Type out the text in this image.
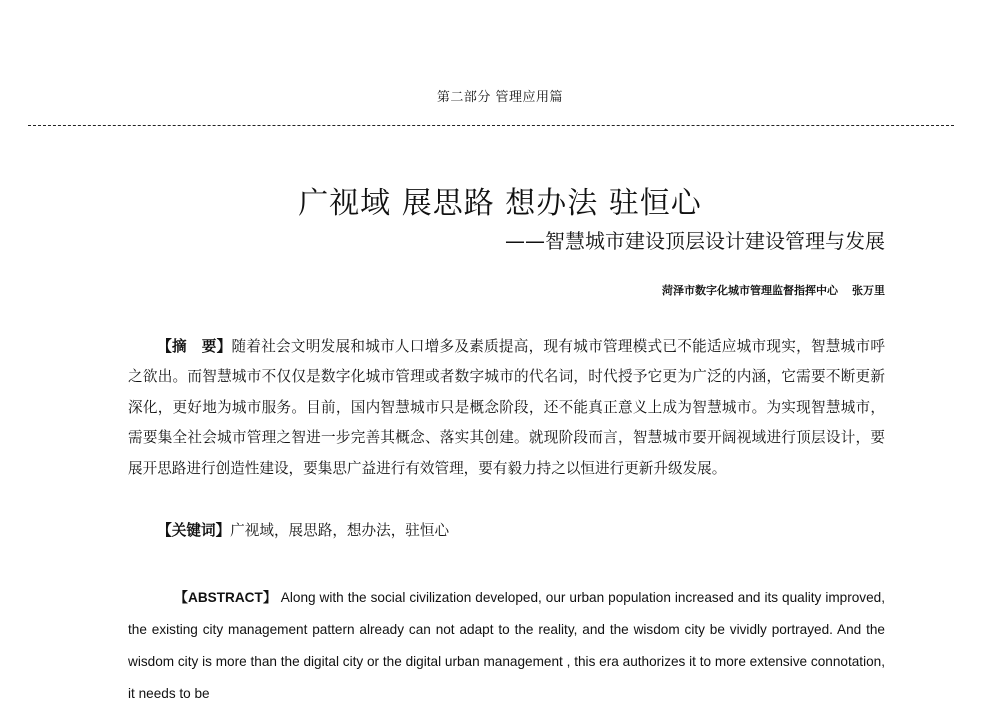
第二部分 管理应用篇
广视域 展思路 想办法 驻恒心
——智慧城市建设顶层设计建设管理与发展
菏泽市数字化城市管理监督指挥中心 张万里

【摘　要】随着社会文明发展和城市人口增多及素质提高，现有城市管理模式已不能适应城市现实，智慧城市呼之欲出。而智慧城市不仅仅是数字化城市管理或者数字城市的代名词，时代授予它更为广泛的内涵，它需要不断更新深化，更好地为城市服务。目前，国内智慧城市只是概念阶段，还不能真正意义上成为智慧城市。为实现智慧城市，需要集全社会城市管理之智进一步完善其概念、落实其创建。就现阶段而言，智慧城市要开阔视域进行顶层设计，要展开思路进行创造性建设，要集思广益进行有效管理，要有毅力持之以恒进行更新升级发展。

【关键词】广视域，展思路，想办法，驻恒心

【ABSTRACT】 Along with the social civilization developed, our urban population increased and its quality improved, the existing city management pattern already can not adapt to the reality, and the wisdom city be vividly portrayed. And the wisdom city is more than the digital city or the digital urban management , this era authorizes it to more extensive connotation, it needs to be
